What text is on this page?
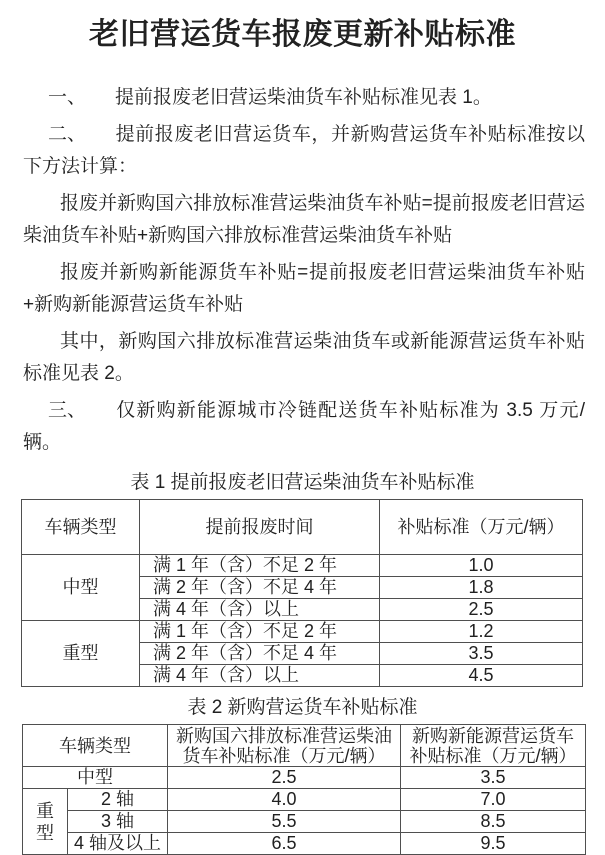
老旧营运货车报废更新补贴标准

一、 提前报废老旧营运柴油货车补贴标准见表 1。

二、 提前报废老旧营运货车，并新购营运货车补贴标准按以下方法计算：

报废并新购国六排放标准营运柴油货车补贴=提前报废老旧营运柴油货车补贴+新购国六排放标准营运柴油货车补贴

报废并新购新能源货车补贴=提前报废老旧营运柴油货车补贴+新购新能源营运货车补贴

其中，新购国六排放标准营运柴油货车或新能源营运货车补贴标准见表 2。

三、 仅新购新能源城市冷链配送货车补贴标准为 3.5 万元/辆。

表 1 提前报废老旧营运柴油货车补贴标准
车辆类型	提前报废时间	补贴标准（万元/辆）
中型	满 1 年（含）不足 2 年	1.0
	满 2 年（含）不足 4 年	1.8
	满 4 年（含）以上	2.5
重型	满 1 年（含）不足 2 年	1.2
	满 2 年（含）不足 4 年	3.5
	满 4 年（含）以上	4.5
表 2 新购营运货车补贴标准
车辆类型		新购国六排放标准营运柴油货车补贴标准（万元/辆）	新购新能源营运货车补贴标准（万元/辆）
中型		2.5	3.5
重型	2 轴	4.0	7.0
	3 轴	5.5	8.5
	4 轴及以上	6.5	9.5
